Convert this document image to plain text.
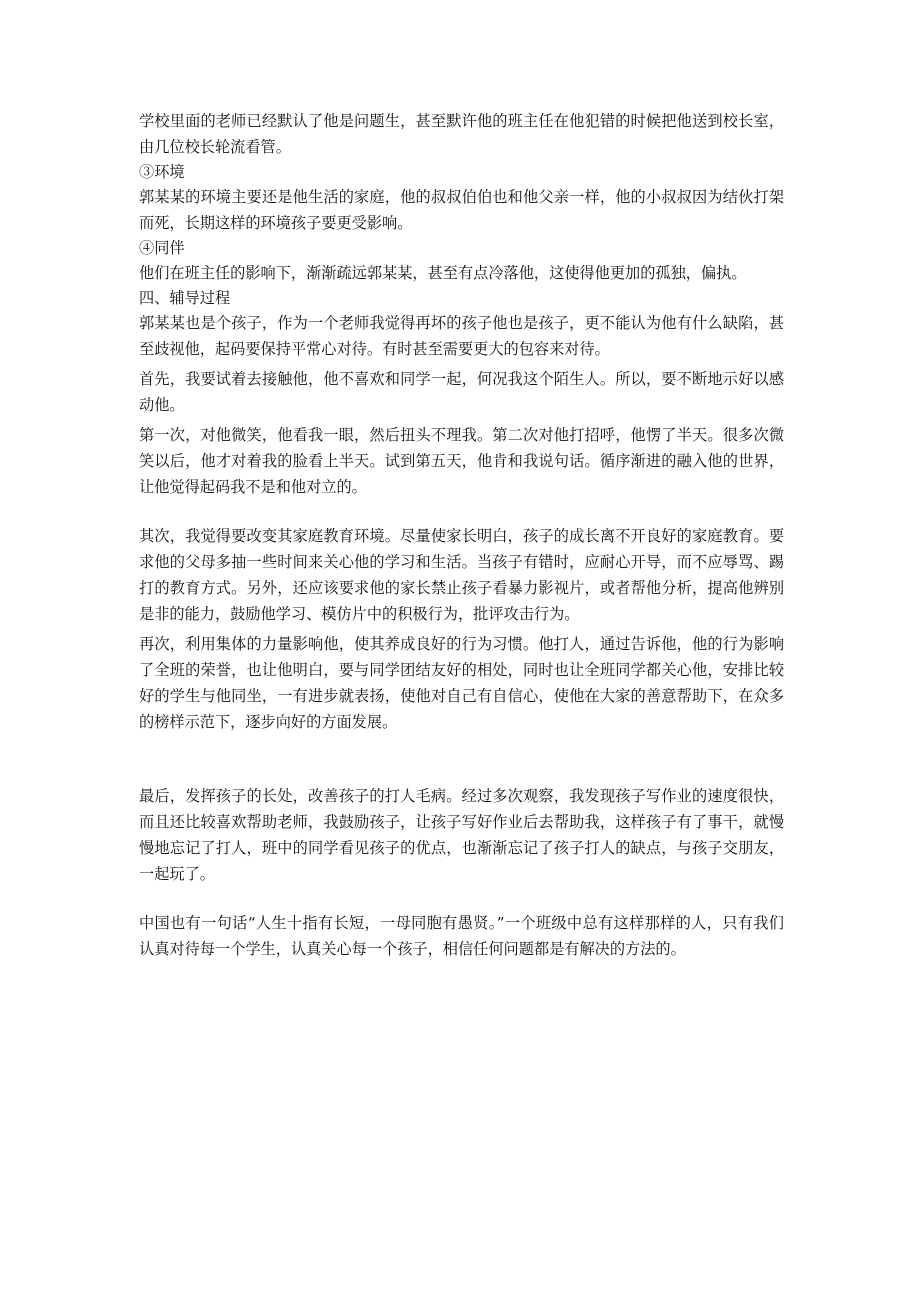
学校里面的老师已经默认了他是问题生，甚至默许他的班主任在他犯错的时候把他送到校长室，由几位校长轮流看管。

③环境

郭某某的环境主要还是他生活的家庭，他的叔叔伯伯也和他父亲一样，他的小叔叔因为结伙打架而死，长期这样的环境孩子要更受影响。

④同伴

他们在班主任的影响下，渐渐疏远郭某某，甚至有点冷落他，这使得他更加的孤独，偏执。

四、辅导过程

郭某某也是个孩子，作为一个老师我觉得再坏的孩子他也是孩子，更不能认为他有什么缺陷，甚至歧视他，起码要保持平常心对待。有时甚至需要更大的包容来对待。

首先，我要试着去接触他，他不喜欢和同学一起，何况我这个陌生人。所以，要不断地示好以感动他。

第一次，对他微笑，他看我一眼，然后扭头不理我。第二次对他打招呼，他愣了半天。很多次微笑以后，他才对着我的脸看上半天。试到第五天，他肯和我说句话。循序渐进的融入他的世界，让他觉得起码我不是和他对立的。

其次，我觉得要改变其家庭教育环境。尽量使家长明白，孩子的成长离不开良好的家庭教育。要求他的父母多抽一些时间来关心他的学习和生活。当孩子有错时，应耐心开导，而不应辱骂、踢打的教育方式。另外，还应该要求他的家长禁止孩子看暴力影视片，或者帮他分析，提高他辨别是非的能力，鼓励他学习、模仿片中的积极行为，批评攻击行为。

再次，利用集体的力量影响他，使其养成良好的行为习惯。他打人，通过告诉他，他的行为影响了全班的荣誉，也让他明白，要与同学团结友好的相处，同时也让全班同学都关心他，安排比较好的学生与他同坐，一有进步就表扬，使他对自己有自信心，使他在大家的善意帮助下，在众多的榜样示范下，逐步向好的方面发展。

最后，发挥孩子的长处，改善孩子的打人毛病。经过多次观察，我发现孩子写作业的速度很快，而且还比较喜欢帮助老师，我鼓励孩子，让孩子写好作业后去帮助我，这样孩子有了事干，就慢慢地忘记了打人，班中的同学看见孩子的优点，也渐渐忘记了孩子打人的缺点，与孩子交朋友，一起玩了。

中国也有一句话“人生十指有长短，一母同胞有愚贤。”一个班级中总有这样那样的人，只有我们认真对待每一个学生，认真关心每一个孩子，相信任何问题都是有解决的方法的。
